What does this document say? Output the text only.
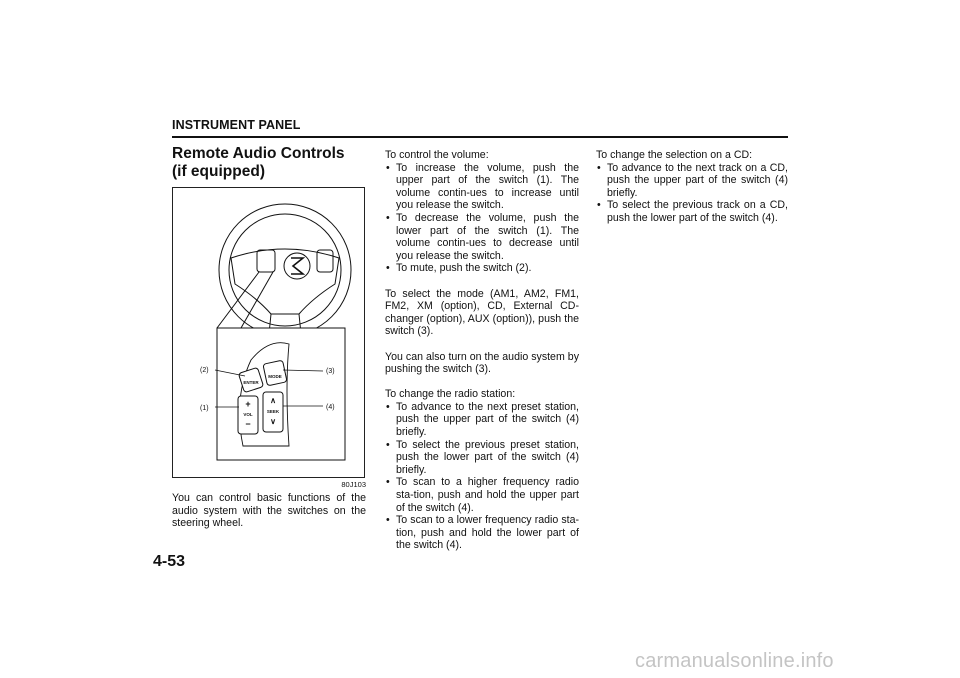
INSTRUMENT PANEL
Remote Audio Controls
(if equipped)
ENTER
MODE
+
VOL
−
∧
SEEK
∨
(2)
(1)
(3)
(4)
80J103

You can control basic functions of the audio system with the switches on the steering wheel.

To control the volume:

• To increase the volume, push the upper part of the switch (1). The volume contin-ues to increase until you release the switch.

• To decrease the volume, push the lower part of the switch (1). The volume contin-ues to decrease until you release the switch.

• To mute, push the switch (2).

To select the mode (AM1, AM2, FM1, FM2, XM (option), CD, External CD-changer (option), AUX (option)), push the switch (3).

You can also turn on the audio system by pushing the switch (3).

To change the radio station:

• To advance to the next preset station, push the upper part of the switch (4) briefly.

• To select the previous preset station, push the lower part of the switch (4) briefly.

• To scan to a higher frequency radio sta-tion, push and hold the upper part of the switch (4).

• To scan to a lower frequency radio sta-tion, push and hold the lower part of the switch (4).

To change the selection on a CD:

• To advance to the next track on a CD, push the upper part of the switch (4) briefly.

• To select the previous track on a CD, push the lower part of the switch (4).

4-53
carmanualsonline.info
